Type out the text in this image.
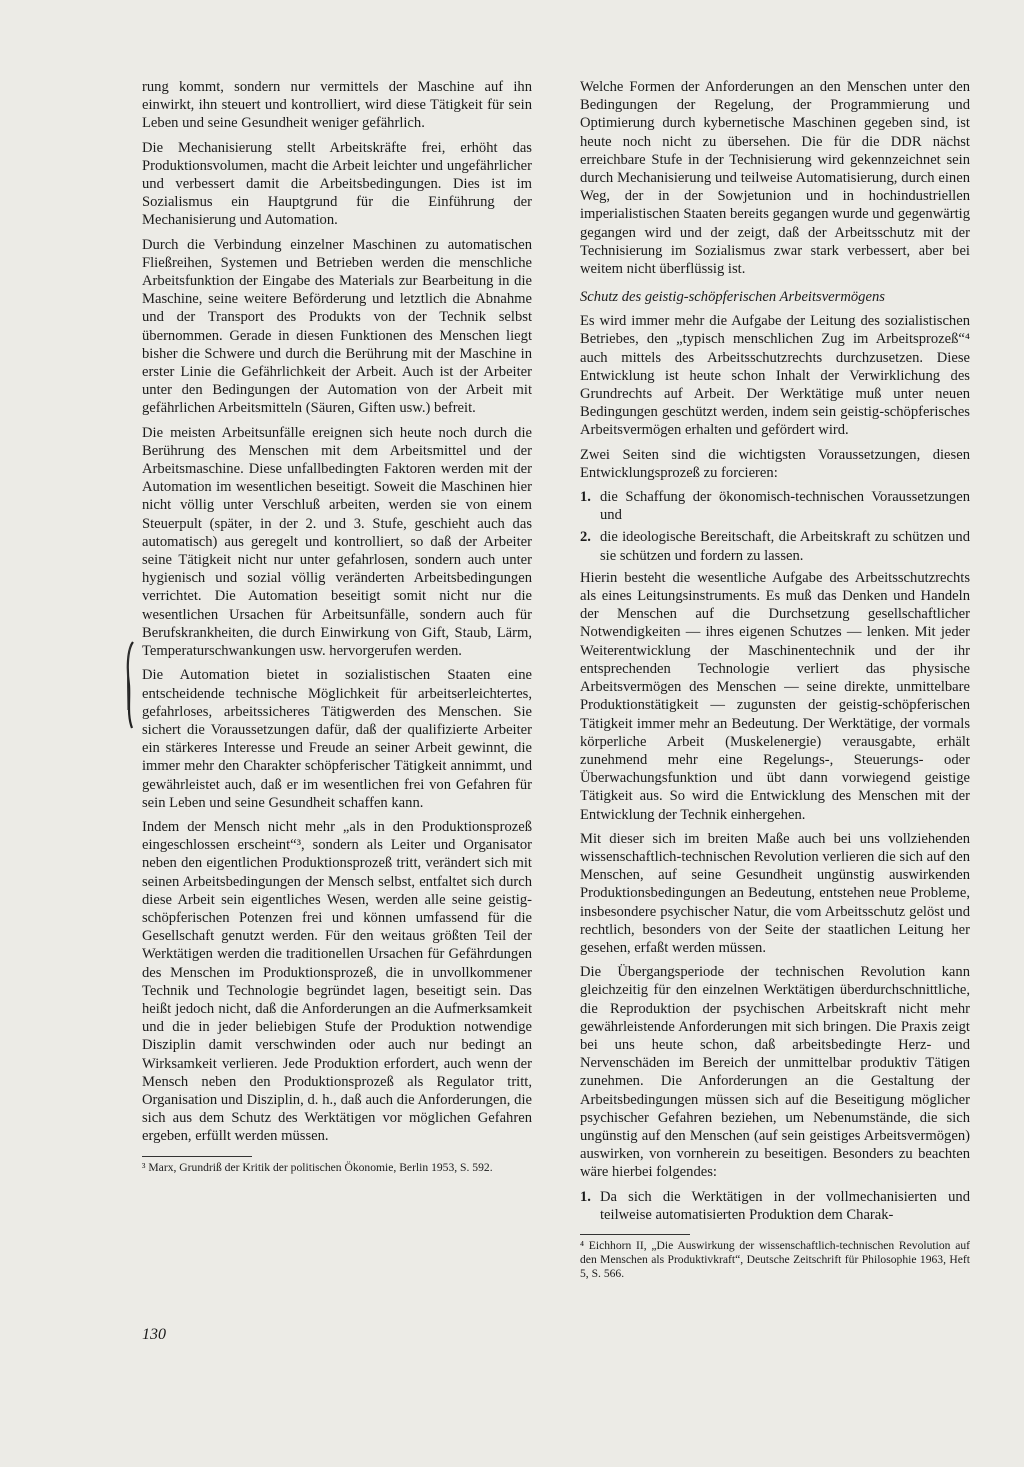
rung kommt, sondern nur vermittels der Maschine auf ihn einwirkt, ihn steuert und kontrolliert, wird diese Tätigkeit für sein Leben und seine Gesundheit weniger gefährlich.

Die Mechanisierung stellt Arbeitskräfte frei, erhöht das Produktionsvolumen, macht die Arbeit leichter und ungefährlicher und verbessert damit die Arbeitsbedingungen. Dies ist im Sozialismus ein Hauptgrund für die Einführung der Mechanisierung und Automation.

Durch die Verbindung einzelner Maschinen zu automatischen Fließreihen, Systemen und Betrieben werden die menschliche Arbeitsfunktion der Eingabe des Materials zur Bearbeitung in die Maschine, seine weitere Beförderung und letztlich die Abnahme und der Transport des Produkts von der Technik selbst übernommen. Gerade in diesen Funktionen des Menschen liegt bisher die Schwere und durch die Berührung mit der Maschine in erster Linie die Gefährlichkeit der Arbeit. Auch ist der Arbeiter unter den Bedingungen der Automation von der Arbeit mit gefährlichen Arbeitsmitteln (Säuren, Giften usw.) befreit.

Die meisten Arbeitsunfälle ereignen sich heute noch durch die Berührung des Menschen mit dem Arbeitsmittel und der Arbeitsmaschine. Diese unfallbedingten Faktoren werden mit der Automation im wesentlichen beseitigt. Soweit die Maschinen hier nicht völlig unter Verschluß arbeiten, werden sie von einem Steuerpult (später, in der 2. und 3. Stufe, geschieht auch das automatisch) aus geregelt und kontrolliert, so daß der Arbeiter seine Tätigkeit nicht nur unter gefahrlosen, sondern auch unter hygienisch und sozial völlig veränderten Arbeitsbedingungen verrichtet. Die Automation beseitigt somit nicht nur die wesentlichen Ursachen für Arbeitsunfälle, sondern auch für Berufskrankheiten, die durch Einwirkung von Gift, Staub, Lärm, Temperaturschwankungen usw. hervorgerufen werden.

Die Automation bietet in sozialistischen Staaten eine entscheidende technische Möglichkeit für arbeitserleichtertes, gefahrloses, arbeitssicheres Tätigwerden des Menschen. Sie sichert die Voraussetzungen dafür, daß der qualifizierte Arbeiter ein stärkeres Interesse und Freude an seiner Arbeit gewinnt, die immer mehr den Charakter schöpferischer Tätigkeit annimmt, und gewährleistet auch, daß er im wesentlichen frei von Gefahren für sein Leben und seine Gesundheit schaffen kann.

Indem der Mensch nicht mehr „als in den Produktionsprozeß eingeschlossen erscheint“³, sondern als Leiter und Organisator neben den eigentlichen Produktionsprozeß tritt, verändert sich mit seinen Arbeitsbedingungen der Mensch selbst, entfaltet sich durch diese Arbeit sein eigentliches Wesen, werden alle seine geistig-schöpferischen Potenzen frei und können umfassend für die Gesellschaft genutzt werden. Für den weitaus größten Teil der Werktätigen werden die traditionellen Ursachen für Gefährdungen des Menschen im Produktionsprozeß, die in unvollkommener Technik und Technologie begründet lagen, beseitigt sein. Das heißt jedoch nicht, daß die Anforderungen an die Aufmerksamkeit und die in jeder beliebigen Stufe der Produktion notwendige Disziplin damit verschwinden oder auch nur bedingt an Wirksamkeit verlieren. Jede Produktion erfordert, auch wenn der Mensch neben den Produktionsprozeß als Regulator tritt, Organisation und Disziplin, d. h., daß auch die Anforderungen, die sich aus dem Schutz des Werktätigen vor möglichen Gefahren ergeben, erfüllt werden müssen.

³ Marx, Grundriß der Kritik der politischen Ökonomie, Berlin 1953, S. 592.

Welche Formen der Anforderungen an den Menschen unter den Bedingungen der Regelung, der Programmierung und Optimierung durch kybernetische Maschinen gegeben sind, ist heute noch nicht zu übersehen. Die für die DDR nächst erreichbare Stufe in der Technisierung wird gekennzeichnet sein durch Mechanisierung und teilweise Automatisierung, durch einen Weg, der in der Sowjetunion und in hochindustriellen imperialistischen Staaten bereits gegangen wurde und gegenwärtig gegangen wird und der zeigt, daß der Arbeitsschutz mit der Technisierung im Sozialismus zwar stark verbessert, aber bei weitem nicht überflüssig ist.

Schutz des geistig-schöpferischen Arbeitsvermögens

Es wird immer mehr die Aufgabe der Leitung des sozialistischen Betriebes, den „typisch menschlichen Zug im Arbeitsprozeß“⁴ auch mittels des Arbeitsschutzrechts durchzusetzen. Diese Entwicklung ist heute schon Inhalt der Verwirklichung des Grundrechts auf Arbeit. Der Werktätige muß unter neuen Bedingungen geschützt werden, indem sein geistig-schöpferisches Arbeitsvermögen erhalten und gefördert wird.

Zwei Seiten sind die wichtigsten Voraussetzungen, diesen Entwicklungsprozeß zu forcieren:

1. die Schaffung der ökonomisch-technischen Voraussetzungen und
2. die ideologische Bereitschaft, die Arbeitskraft zu schützen und sie schützen und fordern zu lassen.

Hierin besteht die wesentliche Aufgabe des Arbeitsschutzrechts als eines Leitungsinstruments. Es muß das Denken und Handeln der Menschen auf die Durchsetzung gesellschaftlicher Notwendigkeiten — ihres eigenen Schutzes — lenken. Mit jeder Weiterentwicklung der Maschinentechnik und der ihr entsprechenden Technologie verliert das physische Arbeitsvermögen des Menschen — seine direkte, unmittelbare Produktionstätigkeit — zugunsten der geistig-schöpferischen Tätigkeit immer mehr an Bedeutung. Der Werktätige, der vormals körperliche Arbeit (Muskelenergie) verausgabte, erhält zunehmend mehr eine Regelungs-, Steuerungs- oder Überwachungsfunktion und übt dann vorwiegend geistige Tätigkeit aus. So wird die Entwicklung des Menschen mit der Entwicklung der Technik einhergehen.

Mit dieser sich im breiten Maße auch bei uns vollziehenden wissenschaftlich-technischen Revolution verlieren die sich auf den Menschen, auf seine Gesundheit ungünstig auswirkenden Produktionsbedingungen an Bedeutung, entstehen neue Probleme, insbesondere psychischer Natur, die vom Arbeitsschutz gelöst und rechtlich, besonders von der Seite der staatlichen Leitung her gesehen, erfaßt werden müssen.

Die Übergangsperiode der technischen Revolution kann gleichzeitig für den einzelnen Werktätigen überdurchschnittliche, die Reproduktion der psychischen Arbeitskraft nicht mehr gewährleistende Anforderungen mit sich bringen. Die Praxis zeigt bei uns heute schon, daß arbeitsbedingte Herz- und Nervenschäden im Bereich der unmittelbar produktiv Tätigen zunehmen. Die Anforderungen an die Gestaltung der Arbeitsbedingungen müssen sich auf die Beseitigung möglicher psychischer Gefahren beziehen, um Nebenumstände, die sich ungünstig auf den Menschen (auf sein geistiges Arbeitsvermögen) auswirken, von vornherein zu beseitigen. Besonders zu beachten wäre hierbei folgendes:

1. Da sich die Werktätigen in der vollmechanisierten und teilweise automatisierten Produktion dem Charak-

⁴ Eichhorn II, „Die Auswirkung der wissenschaftlich-technischen Revolution auf den Menschen als Produktivkraft“, Deutsche Zeitschrift für Philosophie 1963, Heft 5, S. 566.

130
